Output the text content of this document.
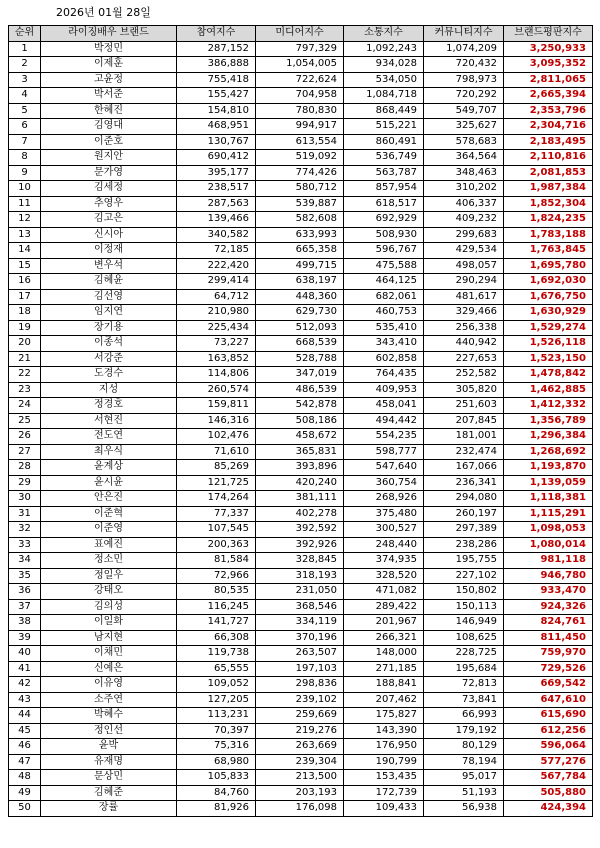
2026년 01월 28일
순위	라이징배우 브랜드	참여지수	미디어지수	소통지수	커뮤니티지수	브랜드평판지수
1	박정민	287,152	797,329	1,092,243	1,074,209	3,250,933
2	이제훈	386,888	1,054,005	934,028	720,432	3,095,352
3	고윤정	755,418	722,624	534,050	798,973	2,811,065
4	박서준	155,427	704,958	1,084,718	720,292	2,665,394
5	한혜진	154,810	780,830	868,449	549,707	2,353,796
6	김영대	468,951	994,917	515,221	325,627	2,304,716
7	이준호	130,767	613,554	860,491	578,683	2,183,495
8	원지안	690,412	519,092	536,749	364,564	2,110,816
9	문가영	395,177	774,426	563,787	348,463	2,081,853
10	김세정	238,517	580,712	857,954	310,202	1,987,384
11	추영우	287,563	539,887	618,517	406,337	1,852,304
12	김고은	139,466	582,608	692,929	409,232	1,824,235
13	신시아	340,582	633,993	508,930	299,683	1,783,188
14	이정재	72,185	665,358	596,767	429,534	1,763,845
15	변우석	222,420	499,715	475,588	498,057	1,695,780
16	김혜윤	299,414	638,197	464,125	290,294	1,692,030
17	김선영	64,712	448,360	682,061	481,617	1,676,750
18	임지연	210,980	629,730	460,753	329,466	1,630,929
19	장기용	225,434	512,093	535,410	256,338	1,529,274
20	이종석	73,227	668,539	343,410	440,942	1,526,118
21	서강준	163,852	528,788	602,858	227,653	1,523,150
22	도경수	114,806	347,019	764,435	252,582	1,478,842
23	지성	260,574	486,539	409,953	305,820	1,462,885
24	정경호	159,811	542,878	458,041	251,603	1,412,332
25	서현진	146,316	508,186	494,442	207,845	1,356,789
26	전도연	102,476	458,672	554,235	181,001	1,296,384
27	최우식	71,610	365,831	598,777	232,474	1,268,692
28	윤계상	85,269	393,896	547,640	167,066	1,193,870
29	윤시윤	121,725	420,240	360,754	236,341	1,139,059
30	안은진	174,264	381,111	268,926	294,080	1,118,381
31	이준혁	77,337	402,278	375,480	260,197	1,115,291
32	이준영	107,545	392,592	300,527	297,389	1,098,053
33	표예진	200,363	392,926	248,440	238,286	1,080,014
34	정소민	81,584	328,845	374,935	195,755	981,118
35	정일우	72,966	318,193	328,520	227,102	946,780
36	강태오	80,535	231,050	471,082	150,802	933,470
37	김의성	116,245	368,546	289,422	150,113	924,326
38	이일화	141,727	334,119	201,967	146,949	824,761
39	남지현	66,308	370,196	266,321	108,625	811,450
40	이채민	119,738	263,507	148,000	228,725	759,970
41	신예은	65,555	197,103	271,185	195,684	729,526
42	이유영	109,052	298,836	188,841	72,813	669,542
43	소주연	127,205	239,102	207,462	73,841	647,610
44	박혜수	113,231	259,669	175,827	66,993	615,690
45	정인선	70,397	219,276	143,390	179,192	612,256
46	윤박	75,316	263,669	176,950	80,129	596,064
47	유재명	68,980	239,304	190,799	78,194	577,276
48	문상민	105,833	213,500	153,435	95,017	567,784
49	김혜준	84,760	203,193	172,739	51,193	505,880
50	장률	81,926	176,098	109,433	56,938	424,394
